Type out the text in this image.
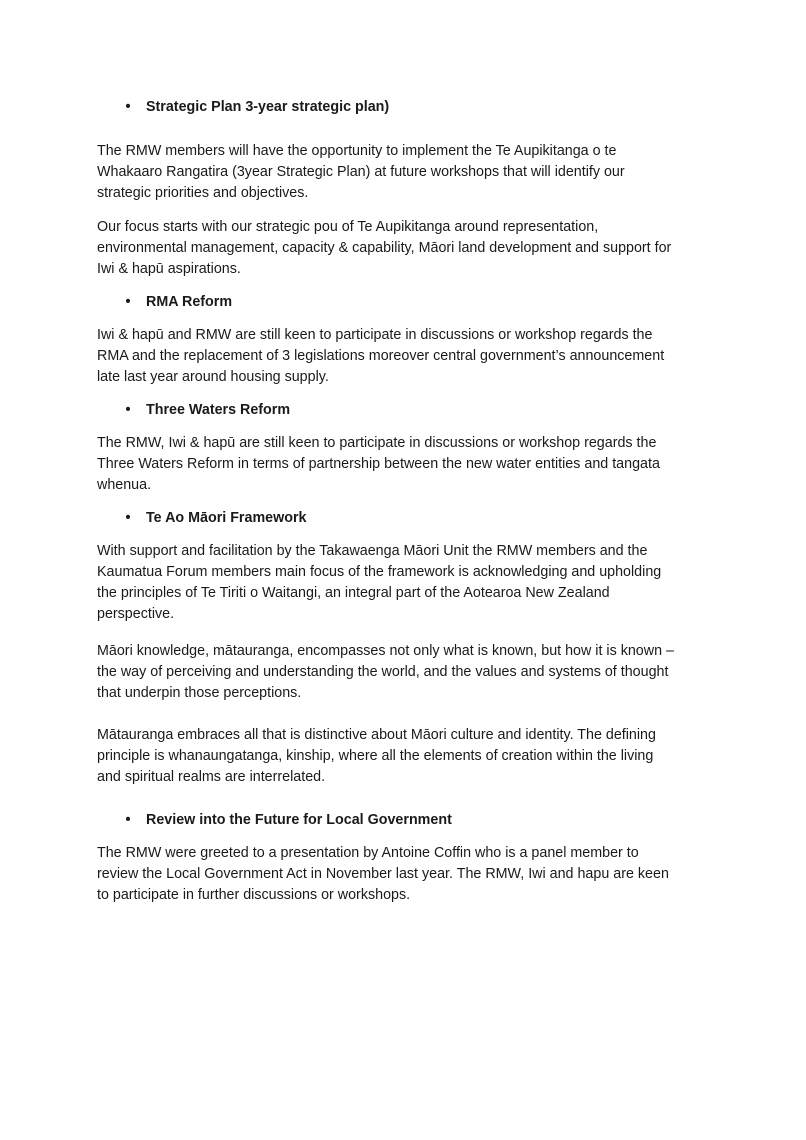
•	Strategic Plan 3-year strategic plan)

The RMW members will have the opportunity to implement the Te Aupikitanga o te
Whakaaro Rangatira (3year Strategic Plan) at future workshops that will identify our
strategic priorities and objectives.

Our focus starts with our strategic pou of Te Aupikitanga around representation,
environmental management, capacity & capability, Māori land development and support for
Iwi & hapū aspirations.

•	RMA Reform

Iwi & hapū and RMW are still keen to participate in discussions or workshop regards the
RMA and the replacement of 3 legislations moreover central government’s announcement
late last year around housing supply.

•	Three Waters Reform

The RMW, Iwi & hapū are still keen to participate in discussions or workshop regards the
Three Waters Reform in terms of partnership between the new water entities and tangata
whenua.

•	Te Ao Māori Framework

With support and facilitation by the Takawaenga Māori Unit the RMW members and the
Kaumatua Forum members main focus of the framework is acknowledging and upholding
the principles of Te Tiriti o Waitangi, an integral part of the Aotearoa New Zealand
perspective.

Māori knowledge, mātauranga, encompasses not only what is known, but how it is known –
the way of perceiving and understanding the world, and the values and systems of thought
that underpin those perceptions.

Mātauranga embraces all that is distinctive about Māori culture and identity. The defining
principle is whanaungatanga, kinship, where all the elements of creation within the living
and spiritual realms are interrelated.

•	Review into the Future for Local Government

The RMW were greeted to a presentation by Antoine Coffin who is a panel member to
review the Local Government Act in November last year. The RMW, Iwi and hapu are keen
to participate in further discussions or workshops.
